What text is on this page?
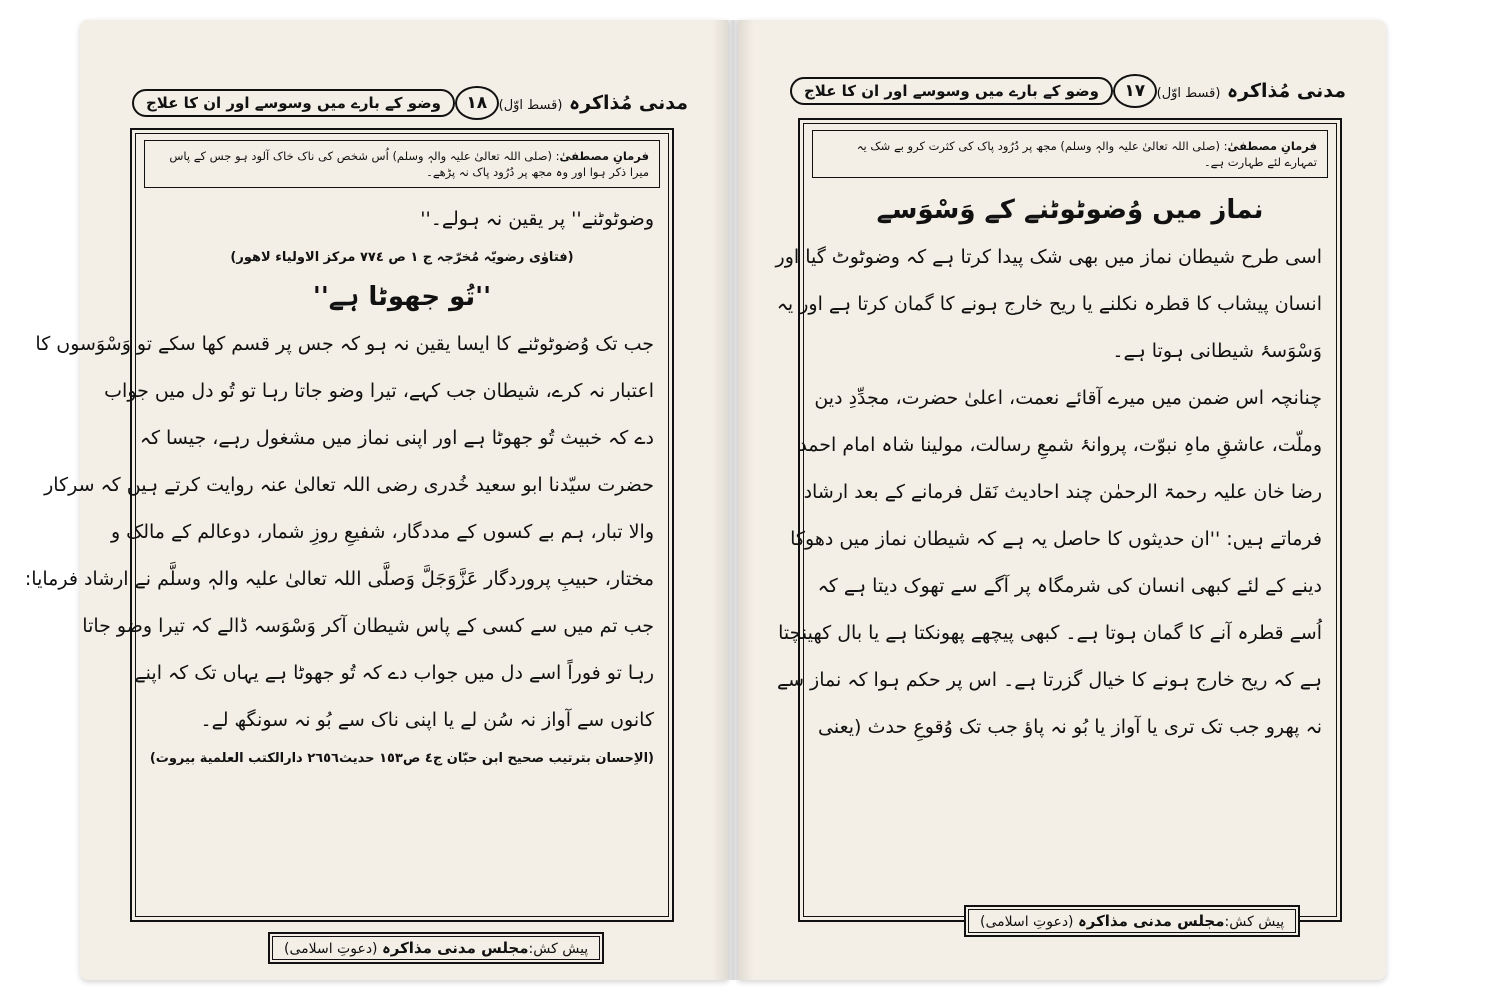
وضو کے بارے میں وسوسے اور ان کا علاج	١٨	مدنی مُذاکرہ (قسط اوّل)
فرمانِ مصطفیٰ: (صلی اللہ تعالیٰ علیہ والہٖ وسلم) اُس شخص کی ناک خاک آلود ہو جس کے پاس میرا ذکر ہوا اور وہ مجھ پر دُرُود پاک نہ پڑھے۔
وضوٹوٹنے'' پر یقین نہ ہولے۔''
(فتاوٰی رضویّہ مُخرّجہ ج ١ ص ٧٧٤ مرکز الاولیاء لاھور)
''تُو جھوٹا ہے''
جب تک وُضوٹوٹنے کا ایسا یقین نہ ہو کہ جس پر قسم کھا سکے تو وَسْوَسوں کا
اعتبار نہ کرے، شیطان جب کہے، تیرا وضو جاتا رہا تو تُو دل میں جواب
دے کہ خبیث تُو جھوٹا ہے اور اپنی نماز میں مشغول رہے، جیسا کہ
حضرت سیّدنا ابو سعید خُدری رضی اللہ تعالیٰ عنہ روایت کرتے ہیں کہ سرکار
والا تبار، ہم بے کسوں کے مددگار، شفیعِ روزِ شمار، دوعالم کے مالک و
مختار، حبیبِ پروردگار عَزَّوَجَلَّ وَصلَّی اللہ تعالیٰ علیہ والہٖ وسلَّم نے ارشاد فرمایا:
جب تم میں سے کسی کے پاس شیطان آکر وَسْوَسہ ڈالے کہ تیرا وضو جاتا
رہا تو فوراً اسے دل میں جواب دے کہ تُو جھوٹا ہے یہاں تک کہ اپنے
کانوں سے آواز نہ سُن لے یا اپنی ناک سے بُو نہ سونگھ لے۔
(الاِحسان بترتیب صحیح ابن حبّان ج٤ ص١٥٣ حدیث٢٦٥٦ دارالکتب العلمیة بیروت)
پیش کش:مجلس مدنی مذاکرہ (دعوتِ اسلامی)
وضو کے بارے میں وسوسے اور ان کا علاج	١٧	مدنی مُذاکرہ (قسط اوّل)
فرمانِ مصطفیٰ: (صلی اللہ تعالیٰ علیہ والہٖ وسلم) مجھ پر دُرُود پاک کی کثرت کرو بے شک یہ تمہارے لئے طہارت ہے۔
نماز میں وُضوٹوٹنے کے وَسْوَسے
اسی طرح شیطان نماز میں بھی شک پیدا کرتا ہے کہ وضوٹوٹ گیا اور
انسان پیشاب کا قطرہ نکلنے یا ریح خارج ہونے کا گمان کرتا ہے اور یہ
وَسْوَسۂ شیطانی ہوتا ہے۔
چنانچہ اس ضمن میں میرے آقائے نعمت، اعلیٰ حضرت، مجدِّدِ دین
وملّت، عاشقِ ماہِ نبوّت، پروانۂ شمعِ رسالت، مولینا شاہ امام احمد
رضا خان علیہ رحمۃ الرحمٰن چند احادیث نَقل فرمانے کے بعد ارشاد
فرماتے ہیں: ''ان حدیثوں کا حاصل یہ ہے کہ شیطان نماز میں دھوکا
دینے کے لئے کبھی انسان کی شرمگاہ پر آگے سے تھوک دیتا ہے کہ
اُسے قطرہ آنے کا گمان ہوتا ہے۔ کبھی پیچھے پھونکتا ہے یا بال کھینچتا
ہے کہ ریح خارج ہونے کا خیال گزرتا ہے۔ اس پر حکم ہوا کہ نماز سے
نہ پھرو جب تک تری یا آواز یا بُو نہ پاؤ جب تک وُقوعِ حدث (یعنی
پیش کش:مجلس مدنی مذاکرہ (دعوتِ اسلامی)
